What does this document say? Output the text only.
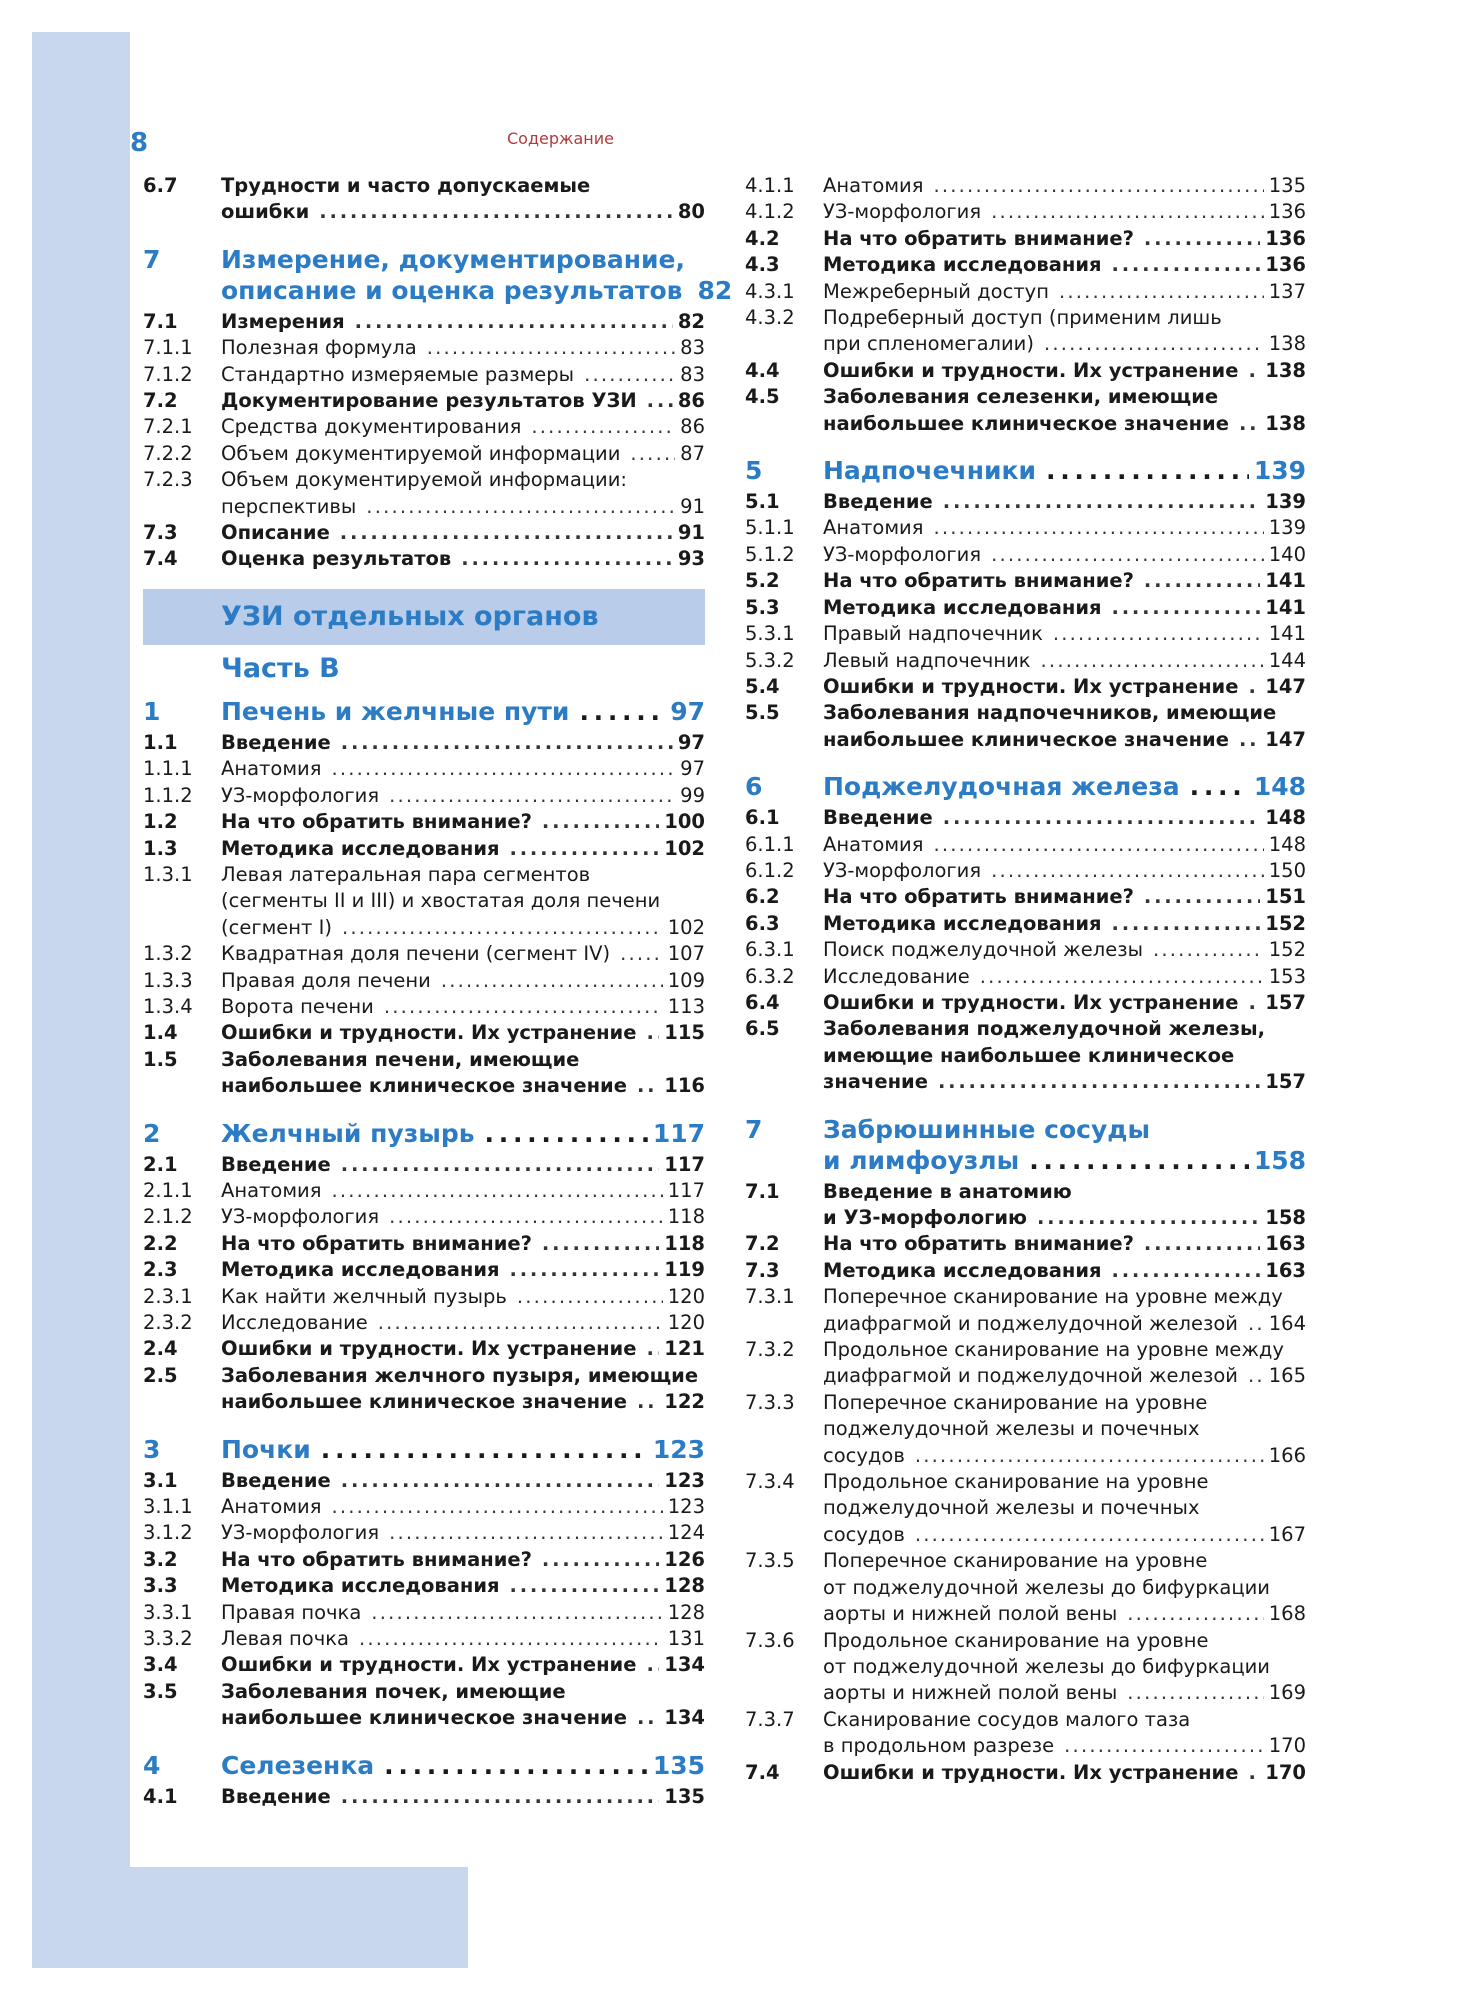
8	Содержание
6.7 Трудности и часто допускаемые
ошибки . . .	80
7 Измерение, документирование,
описание и оценка результатов 82
7.1 Измерения . . .	82
7.1.1 Полезная формула . . .	83
7.1.2 Стандартно измеряемые размеры . . .	83
7.2 Документирование результатов УЗИ . . . 86
7.2.1 Средства документирования . . .	86
7.2.2 Объем документируемой информации . . .	87
7.2.3 Объем документируемой информации:
перспективы . . .	91
7.3 Описание . . .	91
7.4 Оценка результатов . . .	93
УЗИ отдельных органов
Часть B
1 Печень и желчные пути . . .	97
1.1 Введение . . .	97
1.1.1 Анатомия . . .	97
1.1.2 УЗ-морфология . . .	99
1.2 На что обратить внимание? . . .	100
1.3 Методика исследования . . .	102
1.3.1 Левая латеральная пара сегментов
(сегменты II и III) и хвостатая доля печени
(сегмент I) . . .	102
1.3.2 Квадратная доля печени (сегмент IV) . . .	107
1.3.3 Правая доля печени . . .	109
1.3.4 Ворота печени . . .	113
1.4 Ошибки и трудности. Их устранение . . . 115
1.5 Заболевания печени, имеющие
наибольшее клиническое значение . . . 116
2 Желчный пузырь . . .	117
2.1 Введение . . .	117
2.1.1 Анатомия . . .	117
2.1.2 УЗ-морфология . . .	118
2.2 На что обратить внимание? . . .	118
2.3 Методика исследования . . .	119
2.3.1 Как найти желчный пузырь . . .	120
2.3.2 Исследование . . .	120
2.4 Ошибки и трудности. Их устранение . . . 121
2.5 Заболевания желчного пузыря, имеющие
наибольшее клиническое значение . . . 122
3 Почки . . .	123
3.1 Введение . . .	123
3.1.1 Анатомия . . .	123
3.1.2 УЗ-морфология . . .	124
3.2 На что обратить внимание? . . .	126
3.3 Методика исследования . . .	128
3.3.1 Правая почка . . .	128
3.3.2 Левая почка . . .	131
3.4 Ошибки и трудности. Их устранение . . . 134
3.5 Заболевания почек, имеющие
наибольшее клиническое значение . . . 134
4 Селезенка . . .	135
4.1 Введение . . .	135
4.1.1 Анатомия . . .	135
4.1.2 УЗ-морфология . . .	136
4.2 На что обратить внимание? . . .	136
4.3 Методика исследования . . .	136
4.3.1 Межреберный доступ . . .	137
4.3.2 Подреберный доступ (применим лишь
при спленомегалии) . . .	138
4.4 Ошибки и трудности. Их устранение . . . 138
4.5 Заболевания селезенки, имеющие
наибольшее клиническое значение . . . 138
5 Надпочечники . . .	139
5.1 Введение . . .	139
5.1.1 Анатомия . . .	139
5.1.2 УЗ-морфология . . .	140
5.2 На что обратить внимание? . . .	141
5.3 Методика исследования . . .	141
5.3.1 Правый надпочечник . . .	141
5.3.2 Левый надпочечник . . .	144
5.4 Ошибки и трудности. Их устранение . . . 147
5.5 Заболевания надпочечников, имеющие
наибольшее клиническое значение . . . 147
6 Поджелудочная железа . . .	148
6.1 Введение . . .	148
6.1.1 Анатомия . . .	148
6.1.2 УЗ-морфология . . .	150
6.2 На что обратить внимание? . . .	151
6.3 Методика исследования . . .	152
6.3.1 Поиск поджелудочной железы . . .	152
6.3.2 Исследование . . .	153
6.4 Ошибки и трудности. Их устранение . . . 157
6.5 Заболевания поджелудочной железы,
имеющие наибольшее клиническое
значение . . .	157
7 Забрюшинные сосуды
и лимфоузлы . . .	158
7.1 Введение в анатомию
и УЗ-морфологию . . .	158
7.2 На что обратить внимание? . . .	163
7.3 Методика исследования . . .	163
7.3.1 Поперечное сканирование на уровне между
диафрагмой и поджелудочной железой . . . 164
7.3.2 Продольное сканирование на уровне между
диафрагмой и поджелудочной железой . . . 165
7.3.3 Поперечное сканирование на уровне
поджелудочной железы и почечных
сосудов . . .	166
7.3.4 Продольное сканирование на уровне
поджелудочной железы и почечных
сосудов . . .	167
7.3.5 Поперечное сканирование на уровне
от поджелудочной железы до бифуркации
аорты и нижней полой вены . . .	168
7.3.6 Продольное сканирование на уровне
от поджелудочной железы до бифуркации
аорты и нижней полой вены . . .	169
7.3.7 Сканирование сосудов малого таза
в продольном разрезе . . .	170
7.4 Ошибки и трудности. Их устранение . . . 170
